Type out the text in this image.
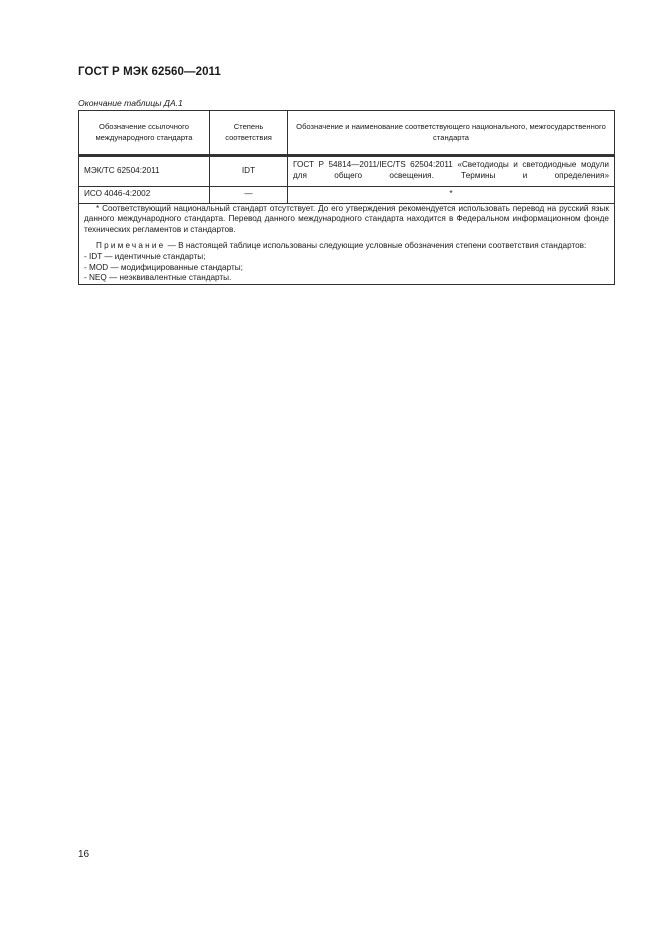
ГОСТ Р МЭК 62560—2011
Окончание таблицы ДА.1
Обозначение ссылочного международного стандарта	Степень соответствия	Обозначение и наименование соответствующего национального, межгосударственного стандарта

МЭК/ТС 62504:2011	IDT	ГОСТ Р 54814—2011/IEC/TS 62504:2011 «Светодиоды и светодиодные модули для общего освещения. Термины и определения»
ИСО 4046-4:2002	—	*

* Соответствующий национальный стандарт отсутствует. До его утверждения рекомендуется использовать перевод на русский язык данного международного стандарта. Перевод данного международного стандарта находится в Федеральном информационном фонде технических регламентов и стандартов.

Примечание — В настоящей таблице использованы следующие условные обозначения степени соответствия стандартов:

- IDT — идентичные стандарты;

- MOD — модифицированные стандарты;

- NEQ — неэквивалентные стандарты.		

16
